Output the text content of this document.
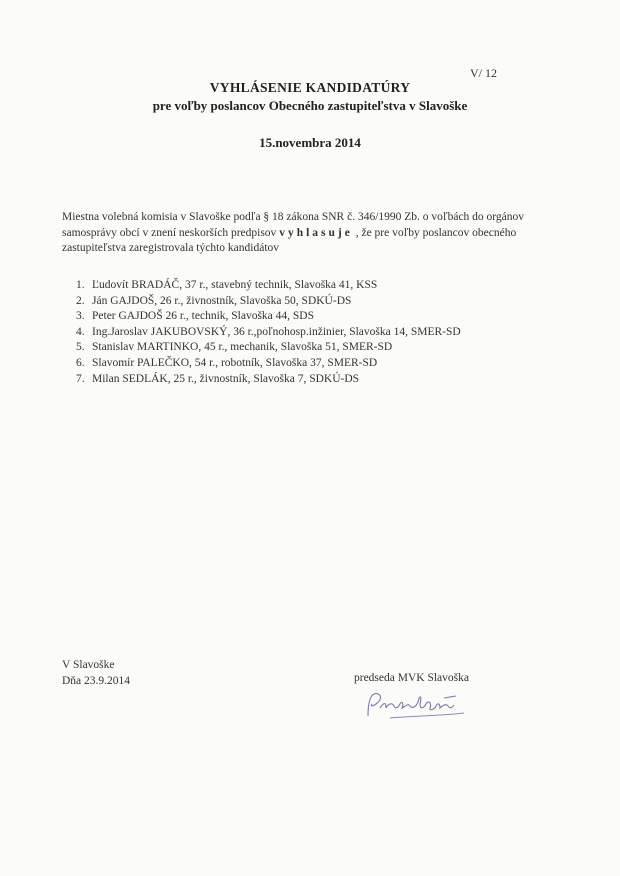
V/ 12
VYHLÁSENIE KANDIDATÚRY
pre voľby poslancov Obecného zastupiteľstva v Slavoške
15.novembra 2014
Miestna volebná komisia v Slavoške podľa § 18 zákona SNR č. 346/1990 Zb. o voľbách do orgánov samosprávy obcí v znení neskorších predpisov vyhlasuje , že pre voľby poslancov obecného zastupiteľstva zaregistrovala týchto kandidátov
1. Ľudovít BRADÁČ, 37 r., stavebný technik, Slavoška 41, KSS
2. Ján GAJDOŠ, 26 r., živnostník, Slavoška 50, SDKÚ-DS
3. Peter GAJDOŠ 26 r., technik, Slavoška 44, SDS
4. Ing.Jaroslav JAKUBOVSKÝ, 36 r.,poľnohosp.inžinier, Slavoška 14, SMER-SD
5. Stanislav MARTINKO, 45 r., mechanik, Slavoška 51, SMER-SD
6. Slavomír PALEČKO, 54 r., robotník, Slavoška 37, SMER-SD
7. Milan SEDLÁK, 25 r., živnostník, Slavoška 7, SDKÚ-DS
V Slavoške
Dňa 23.9.2014	predseda MVK Slavoška
